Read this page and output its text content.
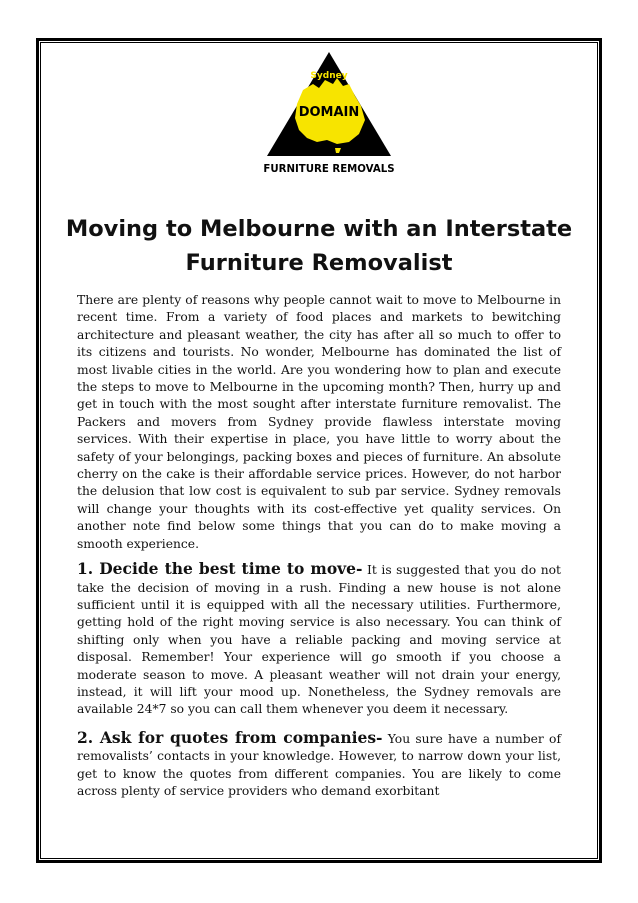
Sydney
DOMAIN
FURNITURE REMOVALS
Moving to Melbourne with an Interstate Furniture Removalist

There are plenty of reasons why people cannot wait to move to Melbourne in recent time. From a variety of food places and markets to bewitching architecture and pleasant weather, the city has after all so much to offer to its citizens and tourists. No wonder, Melbourne has dominated the list of most livable cities in the world. Are you wondering how to plan and execute the steps to move to Melbourne in the upcoming month? Then, hurry up and get in touch with the most sought after interstate furniture removalist. The Packers and movers from Sydney provide flawless interstate moving services. With their expertise in place, you have little to worry about the safety of your belongings, packing boxes and pieces of furniture. An absolute cherry on the cake is their affordable service prices. However, do not harbor the delusion that low cost is equivalent to sub par service. Sydney removals will change your thoughts with its cost-effective yet quality services. On another note find below some things that you can do to make moving a smooth experience.

1. Decide the best time to move- It is suggested that you do not take the decision of moving in a rush. Finding a new house is not alone sufficient until it is equipped with all the necessary utilities. Furthermore, getting hold of the right moving service is also necessary. You can think of shifting only when you have a reliable packing and moving service at disposal. Remember! Your experience will go smooth if you choose a moderate season to move. A pleasant weather will not drain your energy, instead, it will lift your mood up. Nonetheless, the Sydney removals are available 24*7 so you can call them whenever you deem it necessary.

2. Ask for quotes from companies- You sure have a number of removalists’ contacts in your knowledge. However, to narrow down your list, get to know the quotes from different companies. You are likely to come across plenty of service providers who demand exorbitant
